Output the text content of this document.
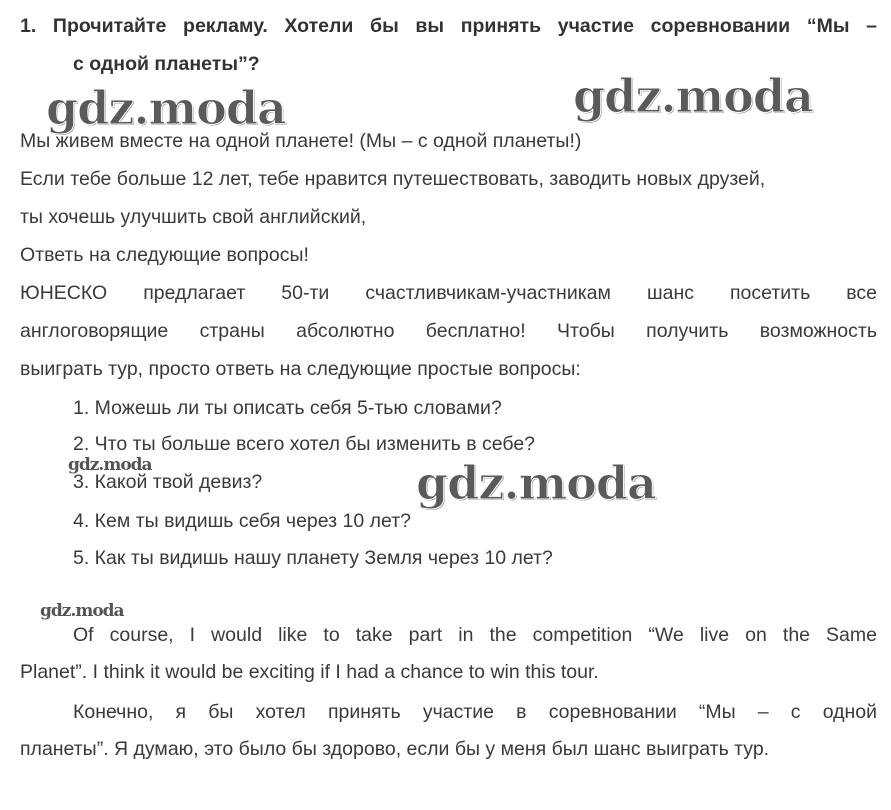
1. Прочитайте рекламу. Хотели бы вы принять участие соревновании “Мы –
с одной планеты”?
gdz.moda	gdz.moda
Мы живем вместе на одной планете! (Мы – с одной планеты!)
Если тебе больше 12 лет, тебе нравится путешествовать, заводить новых друзей,
ты хочешь улучшить свой английский,
Ответь на следующие вопросы!
ЮНЕСКО предлагает 50-ти счастливчикам-участникам шанс посетить все
англоговорящие страны абсолютно бесплатно! Чтобы получить возможность
выиграть тур, просто ответь на следующие простые вопросы:
1. Можешь ли ты описать себя 5-тью словами?
2. Что ты больше всего хотел бы изменить в себе?
gdz.moda
3. Какой твой девиз?	gdz.moda
4. Кем ты видишь себя через 10 лет?
5. Как ты видишь нашу планету Земля через 10 лет?
gdz.moda
Of course, I would like to take part in the competition “We live on the Same
Planet”. I think it would be exciting if I had a chance to win this tour.
Конечно, я бы хотел принять участие в соревновании “Мы – с одной
планеты”. Я думаю, это было бы здорово, если бы у меня был шанс выиграть тур.
